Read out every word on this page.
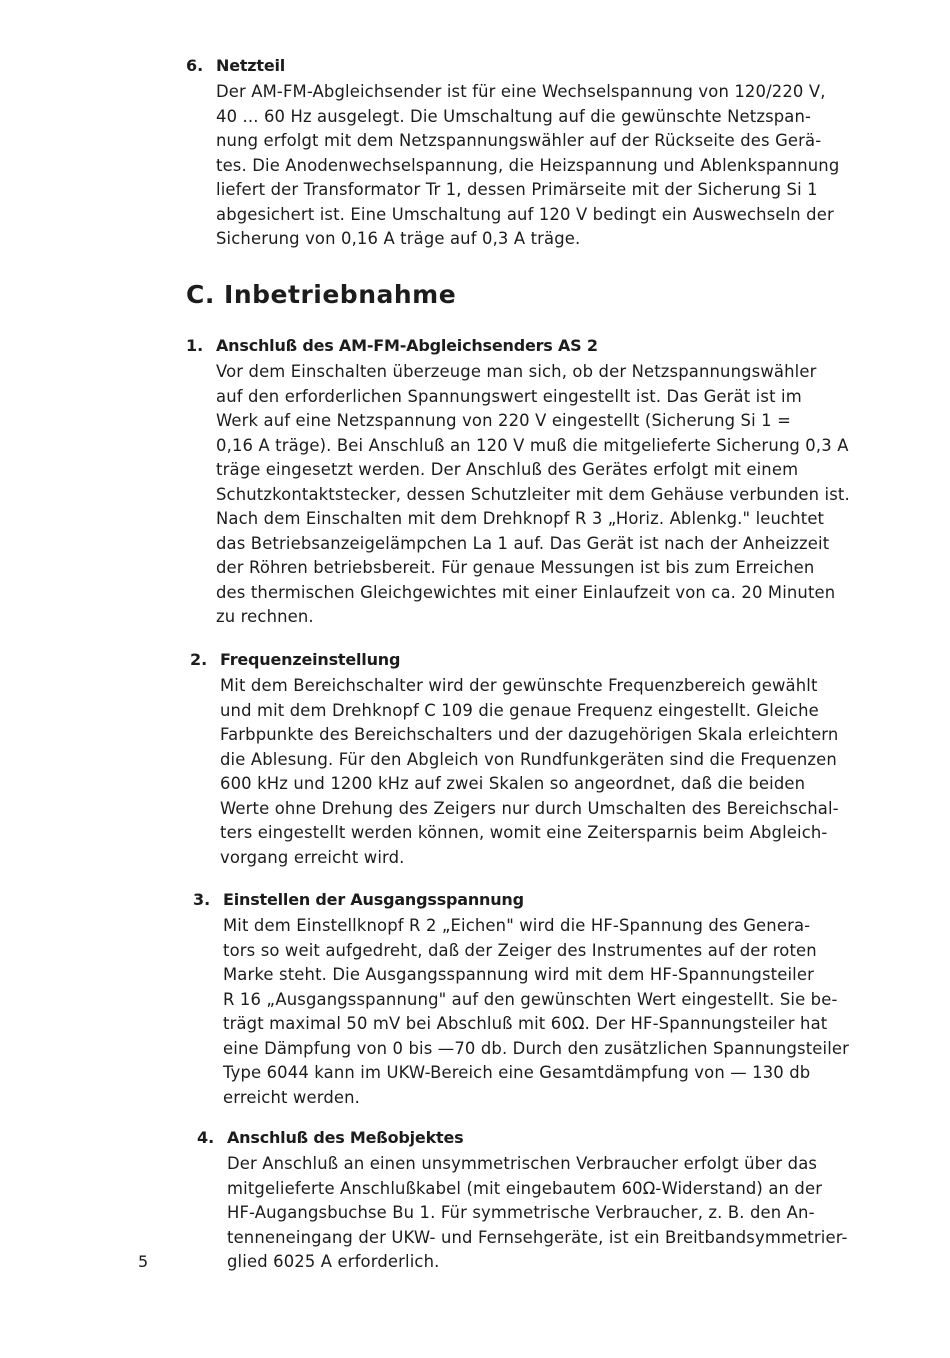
6. Netzteil
Der AM-FM-Abgleichsender ist für eine Wechselspannung von 120/220 V,
40 ... 60 Hz ausgelegt. Die Umschaltung auf die gewünschte Netzspan-
nung erfolgt mit dem Netzspannungswähler auf der Rückseite des Gerä-
tes. Die Anodenwechselspannung, die Heizspannung und Ablenkspannung
liefert der Transformator Tr 1, dessen Primärseite mit der Sicherung Si 1
abgesichert ist. Eine Umschaltung auf 120 V bedingt ein Auswechseln der
Sicherung von 0,16 A träge auf 0,3 A träge.
C. Inbetriebnahme
1. Anschluß des AM-FM-Abgleichsenders AS 2
Vor dem Einschalten überzeuge man sich, ob der Netzspannungswähler
auf den erforderlichen Spannungswert eingestellt ist. Das Gerät ist im
Werk auf eine Netzspannung von 220 V eingestellt (Sicherung Si 1 =
0,16 A träge). Bei Anschluß an 120 V muß die mitgelieferte Sicherung 0,3 A
träge eingesetzt werden. Der Anschluß des Gerätes erfolgt mit einem
Schutzkontaktstecker, dessen Schutzleiter mit dem Gehäuse verbunden ist.
Nach dem Einschalten mit dem Drehknopf R 3 „Horiz. Ablenkg." leuchtet
das Betriebsanzeigelämpchen La 1 auf. Das Gerät ist nach der Anheizzeit
der Röhren betriebsbereit. Für genaue Messungen ist bis zum Erreichen
des thermischen Gleichgewichtes mit einer Einlaufzeit von ca. 20 Minuten
zu rechnen.
2. Frequenzeinstellung
Mit dem Bereichschalter wird der gewünschte Frequenzbereich gewählt
und mit dem Drehknopf C 109 die genaue Frequenz eingestellt. Gleiche
Farbpunkte des Bereichschalters und der dazugehörigen Skala erleichtern
die Ablesung. Für den Abgleich von Rundfunkgeräten sind die Frequenzen
600 kHz und 1200 kHz auf zwei Skalen so angeordnet, daß die beiden
Werte ohne Drehung des Zeigers nur durch Umschalten des Bereichschal-
ters eingestellt werden können, womit eine Zeitersparnis beim Abgleich-
vorgang erreicht wird.
3. Einstellen der Ausgangsspannung
Mit dem Einstellknopf R 2 „Eichen" wird die HF-Spannung des Genera-
tors so weit aufgedreht, daß der Zeiger des Instrumentes auf der roten
Marke steht. Die Ausgangsspannung wird mit dem HF-Spannungsteiler
R 16 „Ausgangsspannung" auf den gewünschten Wert eingestellt. Sie be-
trägt maximal 50 mV bei Abschluß mit 60Ω. Der HF-Spannungsteiler hat
eine Dämpfung von 0 bis —70 db. Durch den zusätzlichen Spannungsteiler
Type 6044 kann im UKW-Bereich eine Gesamtdämpfung von — 130 db
erreicht werden.
4. Anschluß des Meßobjektes
Der Anschluß an einen unsymmetrischen Verbraucher erfolgt über das
mitgelieferte Anschlußkabel (mit eingebautem 60Ω-Widerstand) an der
HF-Augangsbuchse Bu 1. Für symmetrische Verbraucher, z. B. den An-
tenneneingang der UKW- und Fernsehgeräte, ist ein Breitbandsymmetrier-
glied 6025 A erforderlich.
5
